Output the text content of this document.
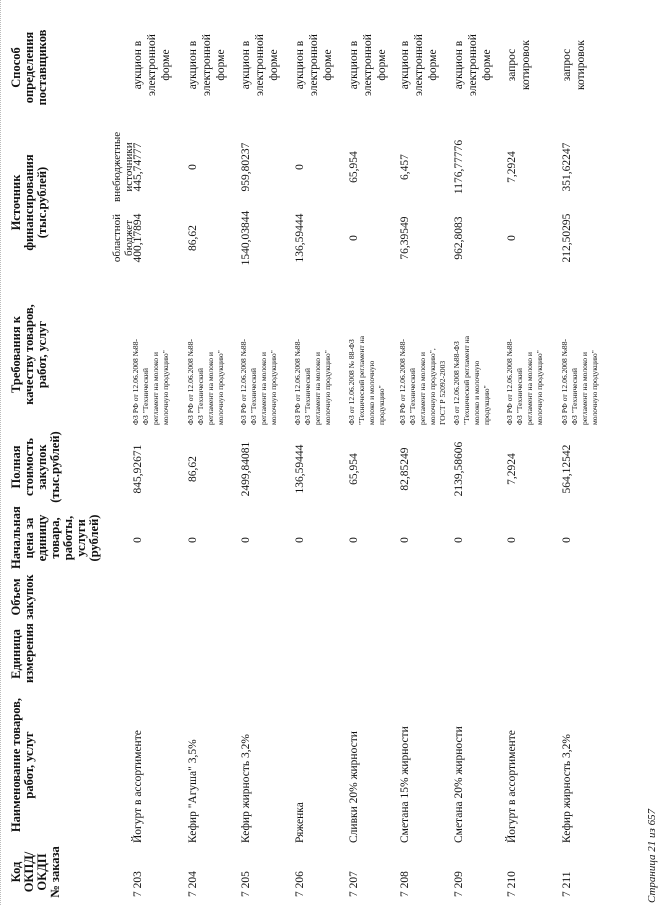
Код ОКПД/ ОКДП № заказа
Наименование товаров, работ, услуг
Единица измерения
Объем закупок
Начальная цена за единицу товара, работы, услуги (рублей)
Полная стоимость закупок (тыс.рублей)
Требования к качеству товаров, работ, услуг
Источник финансирования (тыс.рублей)
Способ определения поставщиков
областной бюджет
внебюджетные источники
7 203
Йогурт в ассортименте
0
845,92671
ФЗ РФ от 12.06.2008 №88- ФЗ "Технический регламент на молоко и молочную продукцию"
400,17894
445,74777
аукцион в электронной форме
7 204
Кефир "Агуша" 3,5%
0
86,62
ФЗ РФ от 12.06.2008 №88- ФЗ "Технический регламент на молоко и молочную продукцию"
86,62
0
аукцион в электронной форме
7 205
Кефир жирность 3,2%
0
2499,84081
ФЗ РФ от 12.06.2008 №88- ФЗ "Технический регламент на молоко и молочную продукцию"
1540,03844
959,80237
аукцион в электронной форме
7 206
Ряженка
0
136,59444
ФЗ РФ от 12.06.2008 №88- ФЗ "Технический регламент на молоко и молочную продукцию"
136,59444
0
аукцион в электронной форме
7 207
Сливки 20% жирности
0
65,954
ФЗ от 12.06.2008 № 88-ФЗ "Технический регламент на молоко и молочную продукцию"
0
65,954
аукцион в электронной форме
7 208
Сметана 15% жирности
0
82,85249
ФЗ РФ от 12.06.2008 №88- ФЗ "Технический регламент на молоко и молочную продукцию", ГОСТ Р 52092-2003
76,39549
6,457
аукцион в электронной форме
7 209
Сметана 20% жирности
0
2139,58606
ФЗ от 12.06.2008 №88-ФЗ "Технический регламент на молоко и молочную продукцию"
962,8083
1176,77776
аукцион в электронной форме
7 210
Йогурт в ассортименте
0
7,2924
ФЗ РФ от 12.06.2008 №88- ФЗ "Технический регламент на молоко и молочную продукцию"
0
7,2924
запрос котировок
7 211
Кефир жирность 3,2%
0
564,12542
ФЗ РФ от 12.06.2008 №88- ФЗ "Технический регламент на молоко и молочную продукцию"
212,50295
351,62247
запрос котировок
Страница 21 из 657
